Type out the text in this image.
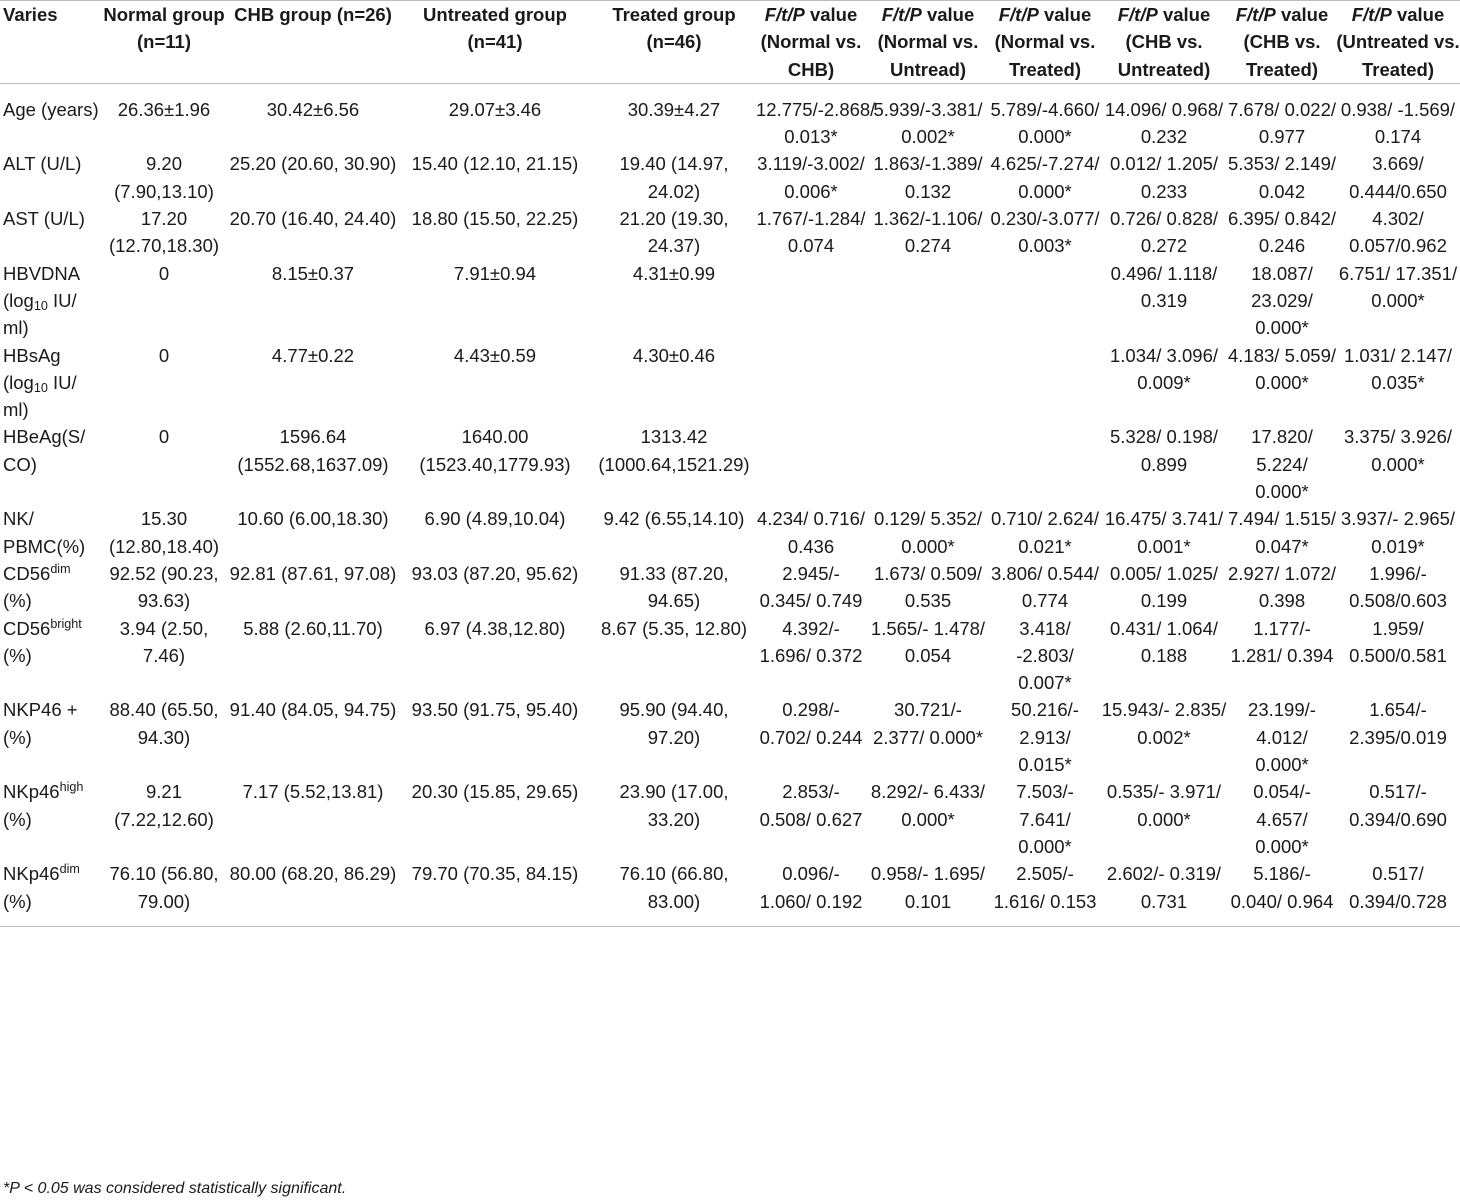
Varies	Normal group (n=11)	CHB group (n=26)	Untreated group (n=41)	Treated group (n=46)	F/t/P value (Normal vs. CHB)	F/t/P value (Normal vs. Untread)	F/t/P value (Normal vs. Treated)	F/t/P value (CHB vs. Untreated)	F/t/P value (CHB vs. Treated)	F/t/P value (Untreated vs. Treated)
Age (years)	26.36±1.96	30.42±6.56	29.07±3.46	30.39±4.27	12.775/-2.868/ 0.013*	5.939/-3.381/ 0.002*	5.789/-4.660/ 0.000*	14.096/ 0.968/ 0.232	7.678/ 0.022/ 0.977	0.938/ -1.569/ 0.174
ALT (U/L)	9.20 (7.90,13.10)	25.20 (20.60, 30.90)	15.40 (12.10, 21.15)	19.40 (14.97, 24.02)	3.119/-3.002/ 0.006*	1.863/-1.389/ 0.132	4.625/-7.274/ 0.000*	0.012/ 1.205/ 0.233	5.353/ 2.149/ 0.042	3.669/ 0.444/0.650
AST (U/L)	17.20 (12.70,18.30)	20.70 (16.40, 24.40)	18.80 (15.50, 22.25)	21.20 (19.30, 24.37)	1.767/-1.284/ 0.074	1.362/-1.106/ 0.274	0.230/-3.077/ 0.003*	0.726/ 0.828/ 0.272	6.395/ 0.842/ 0.246	4.302/ 0.057/0.962
HBVDNA ($\log_{10}$ IU/ ml)	0	8.15±0.37	7.91±0.94	4.31±0.99				0.496/ 1.118/ 0.319	18.087/ 23.029/ 0.000*	6.751/ 17.351/ 0.000*
HBsAg ($\log_{10}$ IU/ ml)	0	4.77±0.22	4.43±0.59	4.30±0.46				1.034/ 3.096/ 0.009*	4.183/ 5.059/ 0.000*	1.031/ 2.147/ 0.035*
HBeAg(S/ CO)	0	1596.64 (1552.68,1637.09)	1640.00 (1523.40,1779.93)	1313.42 (1000.64,1521.29)				5.328/ 0.198/ 0.899	17.820/ 5.224/ 0.000*	3.375/ 3.926/ 0.000*
NK/ PBMC(%)	15.30 (12.80,18.40)	10.60 (6.00,18.30)	6.90 (4.89,10.04)	9.42 (6.55,14.10)	4.234/ 0.716/ 0.436	0.129/ 5.352/ 0.000*	0.710/ 2.624/ 0.021*	16.475/ 3.741/ 0.001*	7.494/ 1.515/ 0.047*	3.937/- 2.965/ 0.019*
$CD56^{dim}$ (%)	92.52 (90.23, 93.63)	92.81 (87.61, 97.08)	93.03 (87.20, 95.62)	91.33 (87.20, 94.65)	2.945/- 0.345/ 0.749	1.673/ 0.509/ 0.535	3.806/ 0.544/ 0.774	0.005/ 1.025/ 0.199	2.927/ 1.072/ 0.398	1.996/- 0.508/0.603
$CD56^{bright}$ (%)	3.94 (2.50, 7.46)	5.88 (2.60,11.70)	6.97 (4.38,12.80)	8.67 (5.35, 12.80)	4.392/- 1.696/ 0.372	1.565/- 1.478/ 0.054	3.418/ -2.803/ 0.007*	0.431/ 1.064/ 0.188	1.177/- 1.281/ 0.394	1.959/ 0.500/0.581
NKP46 +(%)	88.40 (65.50, 94.30)	91.40 (84.05, 94.75)	93.50 (91.75, 95.40)	95.90 (94.40, 97.20)	0.298/- 0.702/ 0.244	30.721/- 2.377/ 0.000*	50.216/- 2.913/ 0.015*	15.943/- 2.835/ 0.002*	23.199/- 4.012/ 0.000*	1.654/- 2.395/0.019
$NKp46^{high}$ (%)	9.21 (7.22,12.60)	7.17 (5.52,13.81)	20.30 (15.85, 29.65)	23.90 (17.00, 33.20)	2.853/- 0.508/ 0.627	8.292/- 6.433/ 0.000*	7.503/- 7.641/ 0.000*	0.535/- 3.971/ 0.000*	0.054/- 4.657/ 0.000*	0.517/- 0.394/0.690
$NKp46^{dim}$ (%)	76.10 (56.80, 79.00)	80.00 (68.20, 86.29)	79.70 (70.35, 84.15)	76.10 (66.80, 83.00)	0.096/- 1.060/ 0.192	0.958/- 1.695/ 0.101	2.505/- 1.616/ 0.153	2.602/- 0.319/ 0.731	5.186/- 0.040/ 0.964	0.517/ 0.394/0.728
*P < 0.05 was considered statistically significant.
